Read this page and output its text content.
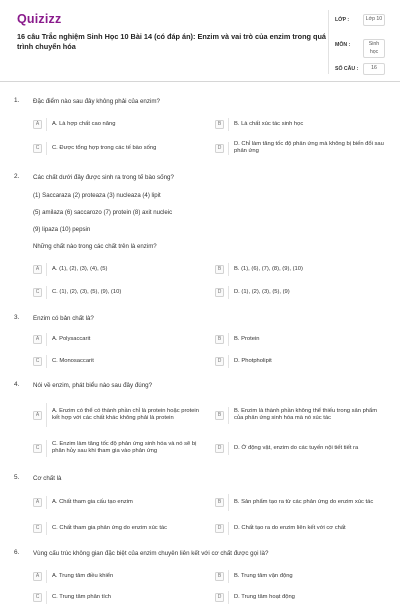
Quizizz
16 câu Trắc nghiệm Sinh Học 10 Bài 14 (có đáp án): Enzim và vai trò của enzim trong quá trình chuyển hóa
LỚP :	Lớp 10
MÔN :	Sinh học
SỐ CÂU :	16
1. Đặc điểm nào sau đây không phải của enzim?
A	A. Là hợp chất cao năng	B	B. Là chất xúc tác sinh học
C	C. Được tổng hợp trong các tế bào sống	D
D. Chỉ làm tăng tốc độ phản ứng mà không bị biến đổi sau phản ứng
2. Các chất dưới đây được sinh ra trong tế bào sống?
(1) Saccaraza (2) proteaza (3) nucleaza (4) lipit
(5) amilaza (6) saccarozo (7) protein (8) axit nucleic
(9) lipaza (10) pepsin
Những chất nào trong các chất trên là enzim?
A	A. (1), (2), (3), (4), (5)	B	B. (1), (6), (7), (8), (9), (10)
C	C. (1), (2), (3), (5), (9), (10)	D	D. (1), (2), (3), (5), (9)
3. Enzim có bản chất là?
A	A. Polysaccarit	B	B. Protein
C	C. Monosaccarit	D	D. Photpholipit
4. Nói về enzim, phát biểu nào sau đây đúng?
A
A. Enzim có thể có thành phần chỉ là protein hoặc protein kết hợp với các chất khác không phải là protein	B
B. Enzim là thành phần không thể thiếu trong sản phẩm của phản ứng sinh hóa mà nó xúc tác
C
C. Enzim làm tăng tốc độ phản ứng sinh hóa và nó sẽ bị phân hủy sau khi tham gia vào phản ứng	D	D. Ở động vật, enzim do các tuyến nội tiết tiết ra
5. Cơ chất là
A	A. Chất tham gia cấu tạo enzim	B	B. Sản phẩm tạo ra từ các phản ứng do enzim xúc tác
C	C. Chất tham gia phản ứng do enzim xúc tác	D	D. Chất tạo ra do enzim liên kết với cơ chất
6. Vùng cấu trúc không gian đặc biệt của enzim chuyên liên kết với cơ chất được gọi là?
A	A. Trung tâm điều khiển	B	B. Trung tâm vận động
C	C. Trung tâm phân tích	D	D. Trung tâm hoạt động
